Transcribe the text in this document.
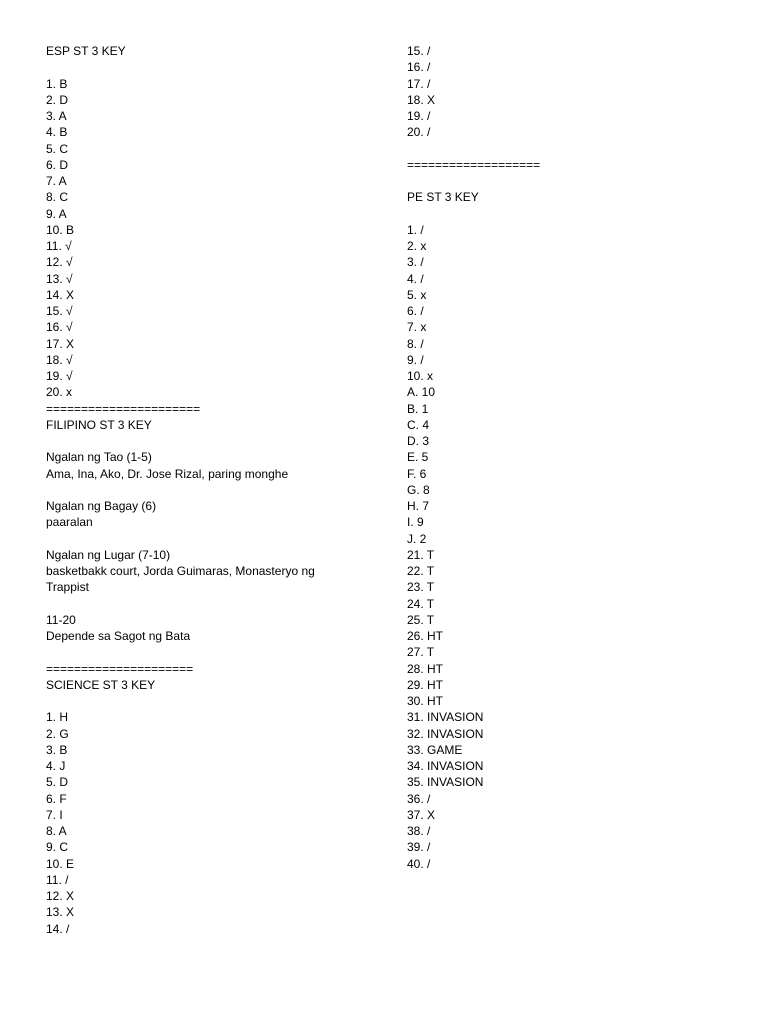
ESP ST 3 KEY
1. B
2. D
3. A
4. B
5. C
6. D
7. A
8. C
9. A
10. B
11. √
12. √
13. √
14. X
15. √
16. √
17. X
18. √
19. √
20. x
======================
FILIPINO ST 3 KEY
Ngalan ng Tao (1-5)
Ama, Ina, Ako, Dr. Jose Rizal, paring monghe
Ngalan ng Bagay (6)
paaralan
Ngalan ng Lugar (7-10)
basketbakk court, Jorda Guimaras, Monasteryo ng
Trappist
11-20
Depende sa Sagot ng Bata
=====================
SCIENCE ST 3 KEY
1. H
2. G
3. B
4. J
5. D
6. F
7. I
8. A
9. C
10. E
11. /
12. X
13. X
14. /
15. /
16. /
17. /
18. X
19. /
20. /
===================
PE ST 3 KEY
1. /
2. x
3. /
4. /
5. x
6. /
7. x
8. /
9. /
10. x
A. 10
B. 1
C. 4
D. 3
E. 5
F. 6
G. 8
H. 7
I. 9
J. 2
21. T
22. T
23. T
24. T
25. T
26. HT
27. T
28. HT
29. HT
30. HT
31. INVASION
32. INVASION
33. GAME
34. INVASION
35. INVASION
36. /
37. X
38. /
39. /
40. /
